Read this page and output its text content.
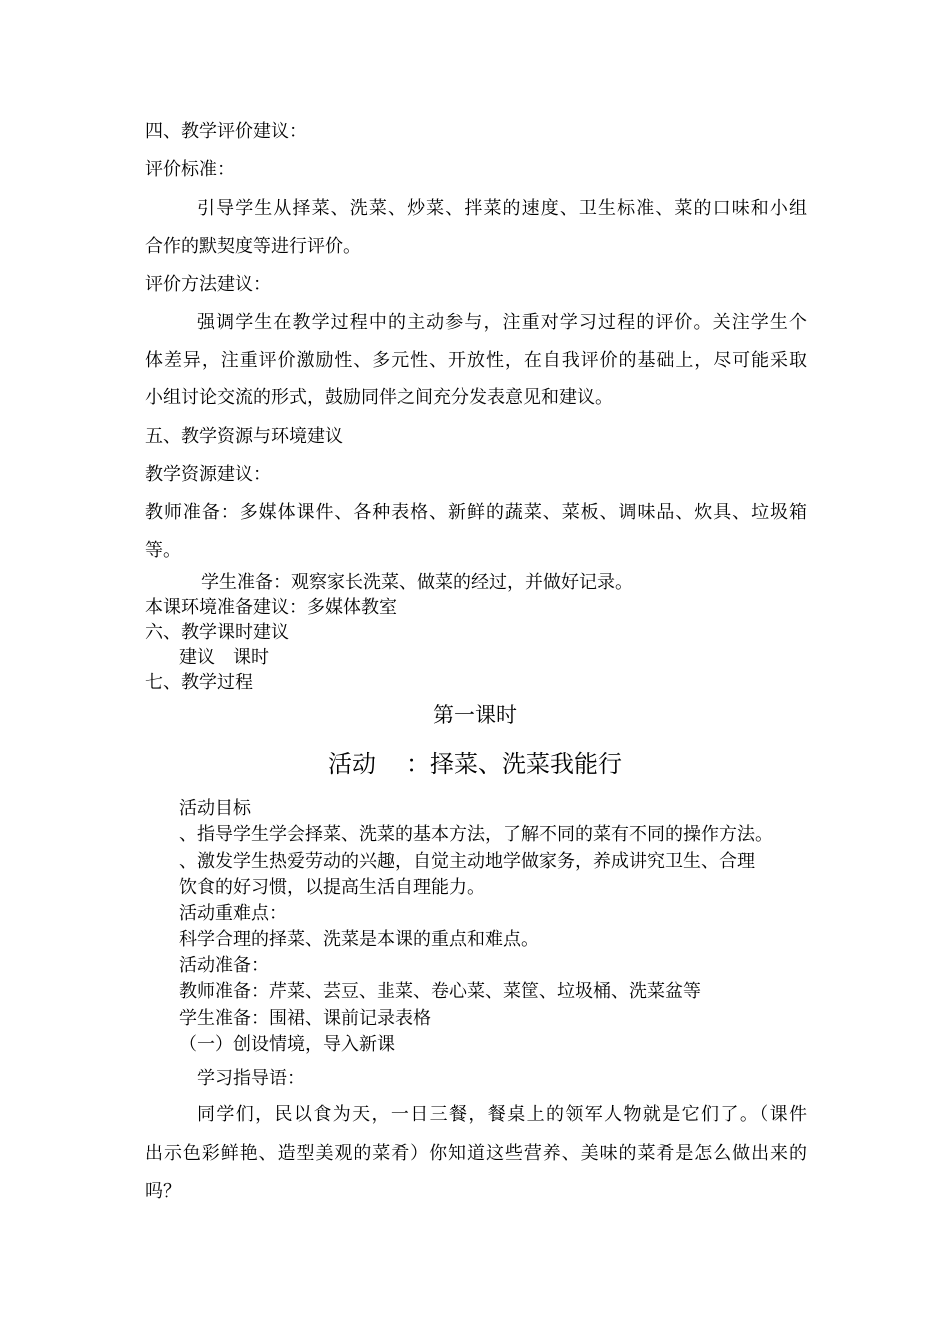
四、教学评价建议：
评价标准：
引导学生从择菜、洗菜、炒菜、拌菜的速度、卫生标准、菜的口味和小组
合作的默契度等进行评价。
评价方法建议：
强调学生在教学过程中的主动参与，注重对学习过程的评价。关注学生个
体差异，注重评价激励性、多元性、开放性，在自我评价的基础上，尽可能采取
小组讨论交流的形式，鼓励同伴之间充分发表意见和建议。
五、教学资源与环境建议
教学资源建议：
教师准备：多媒体课件、各种表格、新鲜的蔬菜、菜板、调味品、炊具、垃圾箱
等。
学生准备：观察家长洗菜、做菜的经过，并做好记录。
本课环境准备建议：多媒体教室
六、教学课时建议
建议 课时
七、教学过程
第一课时
活动 ：择菜、洗菜我能行
活动目标
、指导学生学会择菜、洗菜的基本方法，了解不同的菜有不同的操作方法。
、激发学生热爱劳动的兴趣，自觉主动地学做家务，养成讲究卫生、合理
饮食的好习惯，以提高生活自理能力。
活动重难点：
科学合理的择菜、洗菜是本课的重点和难点。
活动准备：
教师准备：芹菜、芸豆、韭菜、卷心菜、菜筐、垃圾桶、洗菜盆等
学生准备：围裙、课前记录表格
（一）创设情境，导入新课
学习指导语：
同学们，民以食为天，一日三餐，餐桌上的领军人物就是它们了。（课件
出示色彩鲜艳、造型美观的菜肴）你知道这些营养、美味的菜肴是怎么做出来的
吗？
